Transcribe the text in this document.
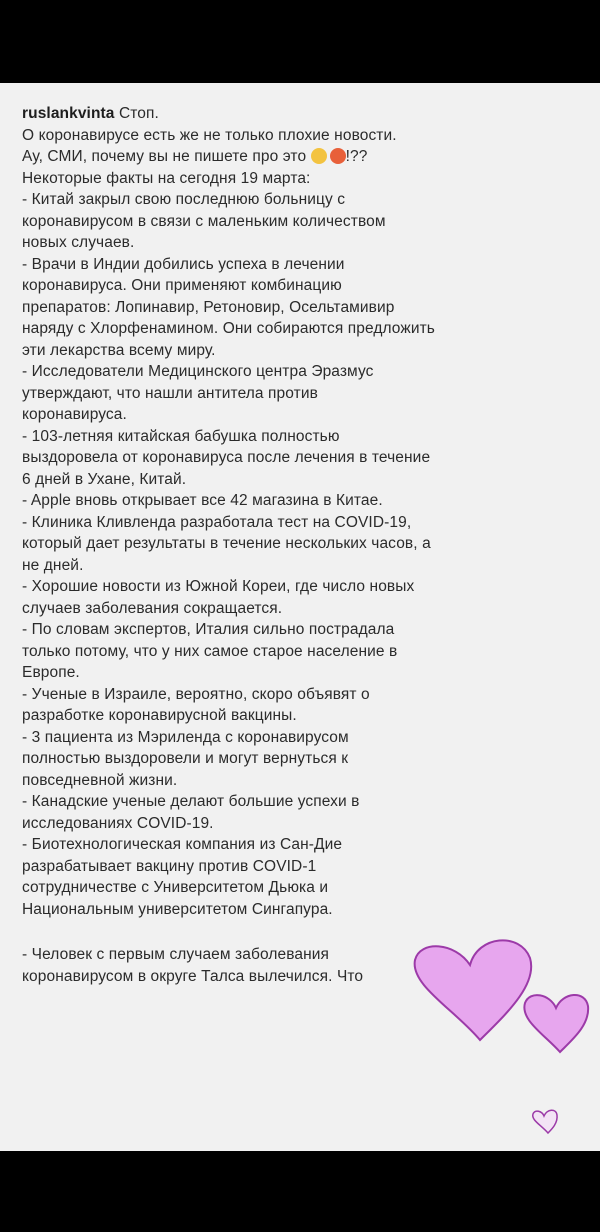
ruslankvinta Стоп.
О коронавирусе есть же не только плохие новости.
Ау, СМИ, почему вы не пишете про это	!??
Некоторые факты на сегодня 19 марта:
- Китай закрыл свою последнюю больницу с
коронавирусом в связи с маленьким количеством
новых случаев.
- Врачи в Индии добились успеха в лечении
коронавируса. Они применяют комбинацию
препаратов: Лопинавир, Ретоновир, Осельтамивир
наряду с Хлорфенамином. Они собираются предложить
эти лекарства всему миру.
- Исследователи Медицинского центра Эразмус
утверждают, что нашли антитела против
коронавируса.
- 103-летняя китайская бабушка полностью
выздоровела от коронавируса после лечения в течение
6 дней в Ухане, Китай.
- Apple вновь открывает все 42 магазина в Китае.
- Клиника Кливленда разработала тест на COVID-19,
который дает результаты в течение нескольких часов, а
не дней.
- Хорошие новости из Южной Кореи, где число новых
случаев заболевания сокращается.
- По словам экспертов, Италия сильно пострадала
только потому, что у них самое старое население в
Европе.
- Ученые в Израиле, вероятно, скоро объявят о
разработке коронавирусной вакцины.
- 3 пациента из Мэриленда с коронавирусом
полностью выздоровели и могут вернуться к
повседневной жизни.
- Канадские ученые делают большие успехи в
исследованиях COVID-19.
- Биотехнологическая компания из Сан-Дие
разрабатывает вакцину против COVID-1
сотрудничестве с Университетом Дьюка и
Национальным университетом Сингапура.
- Человек с первым случаем заболевания
коронавирусом в округе Талса вылечился. Что
